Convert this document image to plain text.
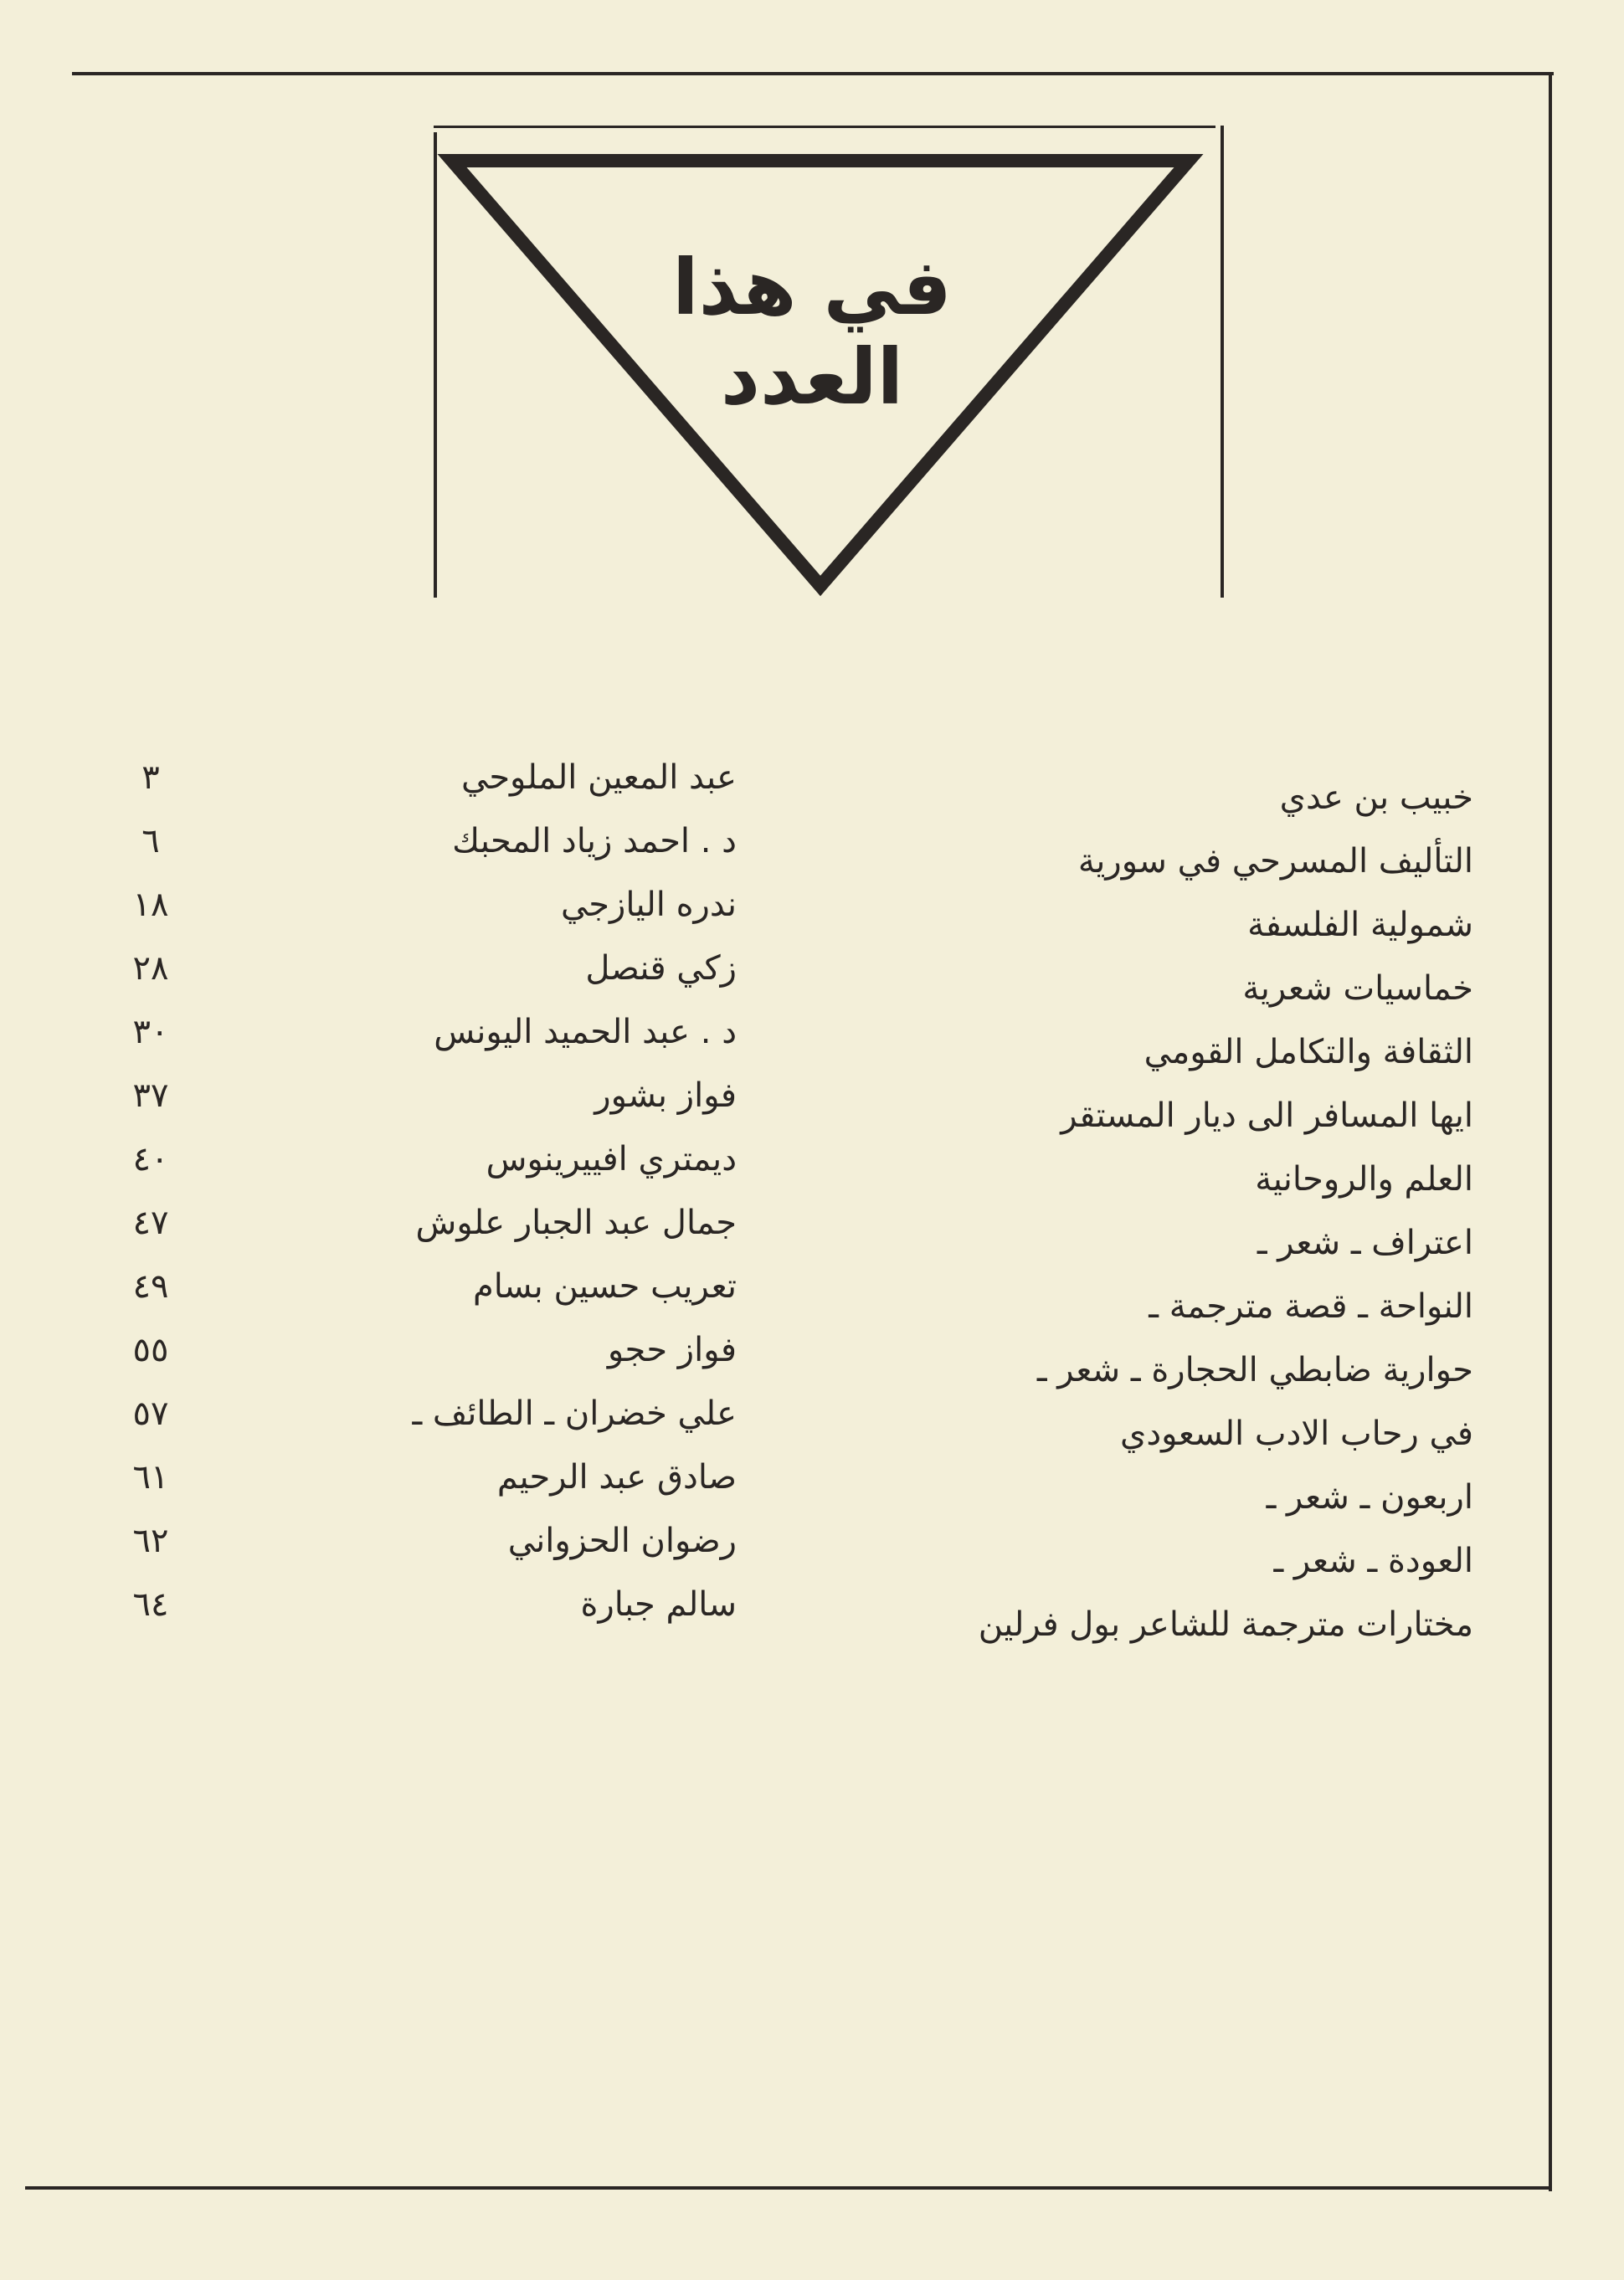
في هذا العدد
خبيب بن عدي
عبد المعين الملوحي
٣
التأليف المسرحي في سورية
د . احمد زياد المحبك
٦
شمولية الفلسفة
ندره اليازجي
١٨
خماسيات شعرية
زكي قنصل
٢٨
الثقافة والتكامل القومي
د . عبد الحميد اليونس
٣٠
ايها المسافر الى ديار المستقر
فواز بشور
٣٧
العلم والروحانية
ديمتري افييرينوس
٤٠
اعتراف ـ شعر ـ
جمال عبد الجبار علوش
٤٧
النواحة ـ قصة مترجمة ـ
تعريب حسين بسام
٤٩
حوارية ضابطي الحجارة ـ شعر ـ
فواز حجو
٥٥
في رحاب الادب السعودي
علي خضران ـ الطائف ـ
٥٧
اربعون ـ شعر ـ
صادق عبد الرحيم
٦١
العودة ـ شعر ـ
رضوان الحزواني
٦٢
مختارات مترجمة للشاعر بول فرلين
سالم جبارة
٦٤
